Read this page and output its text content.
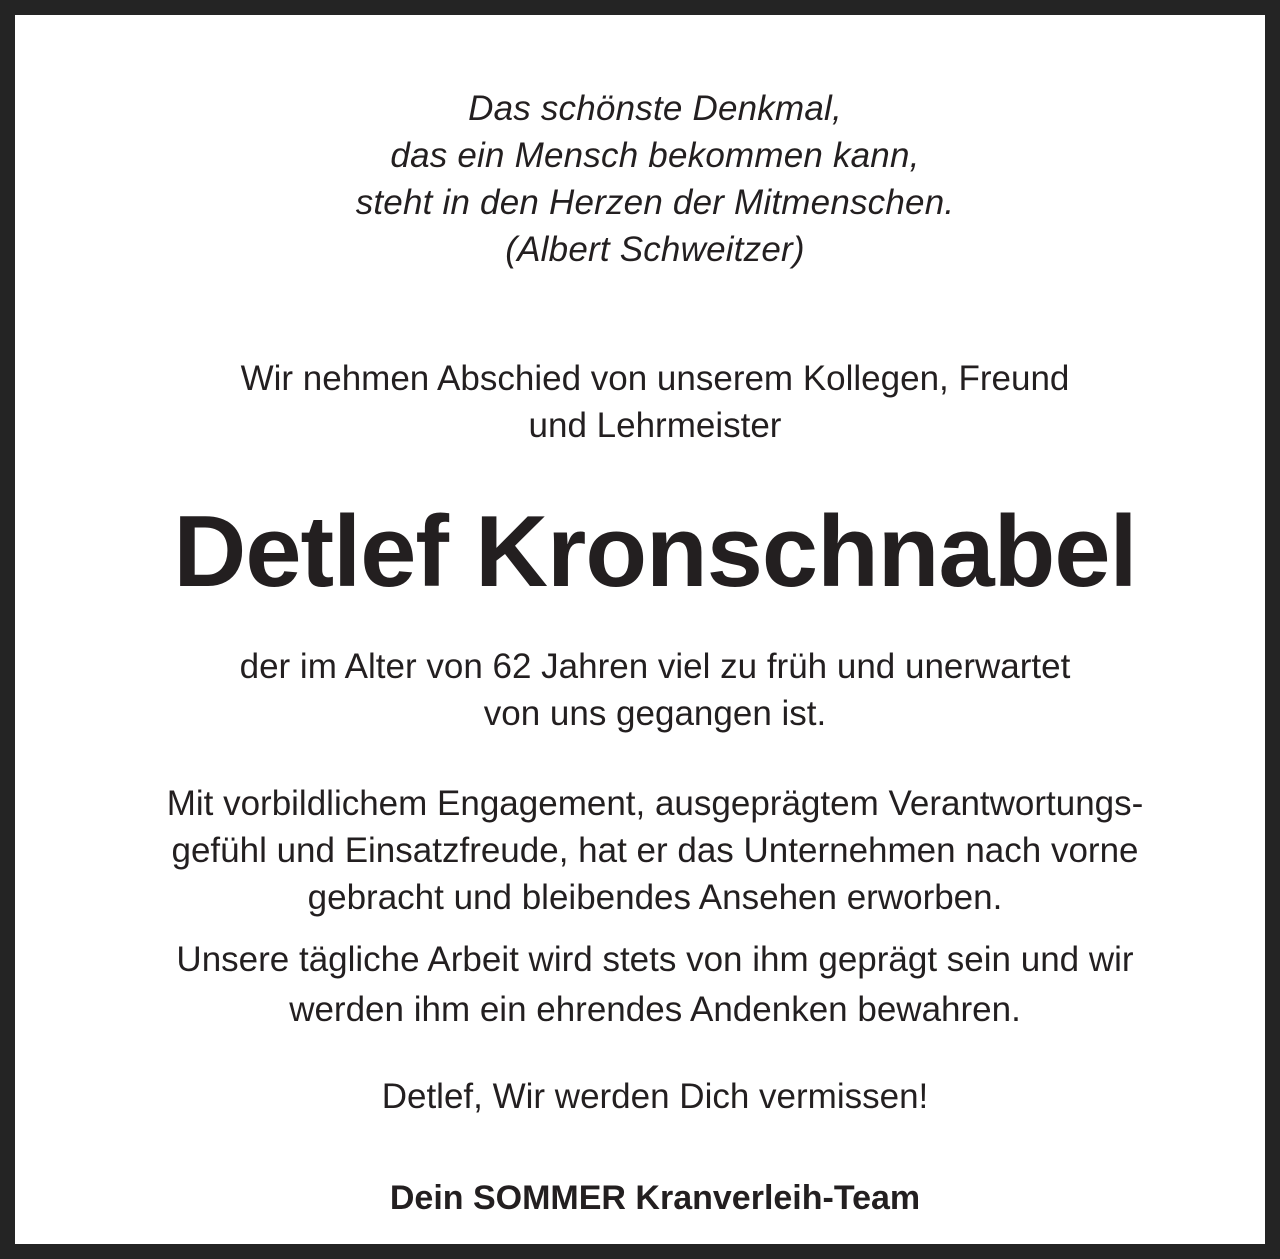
Das schönste Denkmal,
das ein Mensch bekommen kann,
steht in den Herzen der Mitmenschen.
(Albert Schweitzer)
Wir nehmen Abschied von unserem Kollegen, Freund
und Lehrmeister
Detlef Kronschnabel
der im Alter von 62 Jahren viel zu früh und unerwartet
von uns gegangen ist.
Mit vorbildlichem Engagement, ausgeprägtem Verantwortungs-
gefühl und Einsatzfreude, hat er das Unternehmen nach vorne
gebracht und bleibendes Ansehen erworben.
Unsere tägliche Arbeit wird stets von ihm geprägt sein und wir
werden ihm ein ehrendes Andenken bewahren.
Detlef, Wir werden Dich vermissen!
Dein SOMMER Kranverleih-Team
